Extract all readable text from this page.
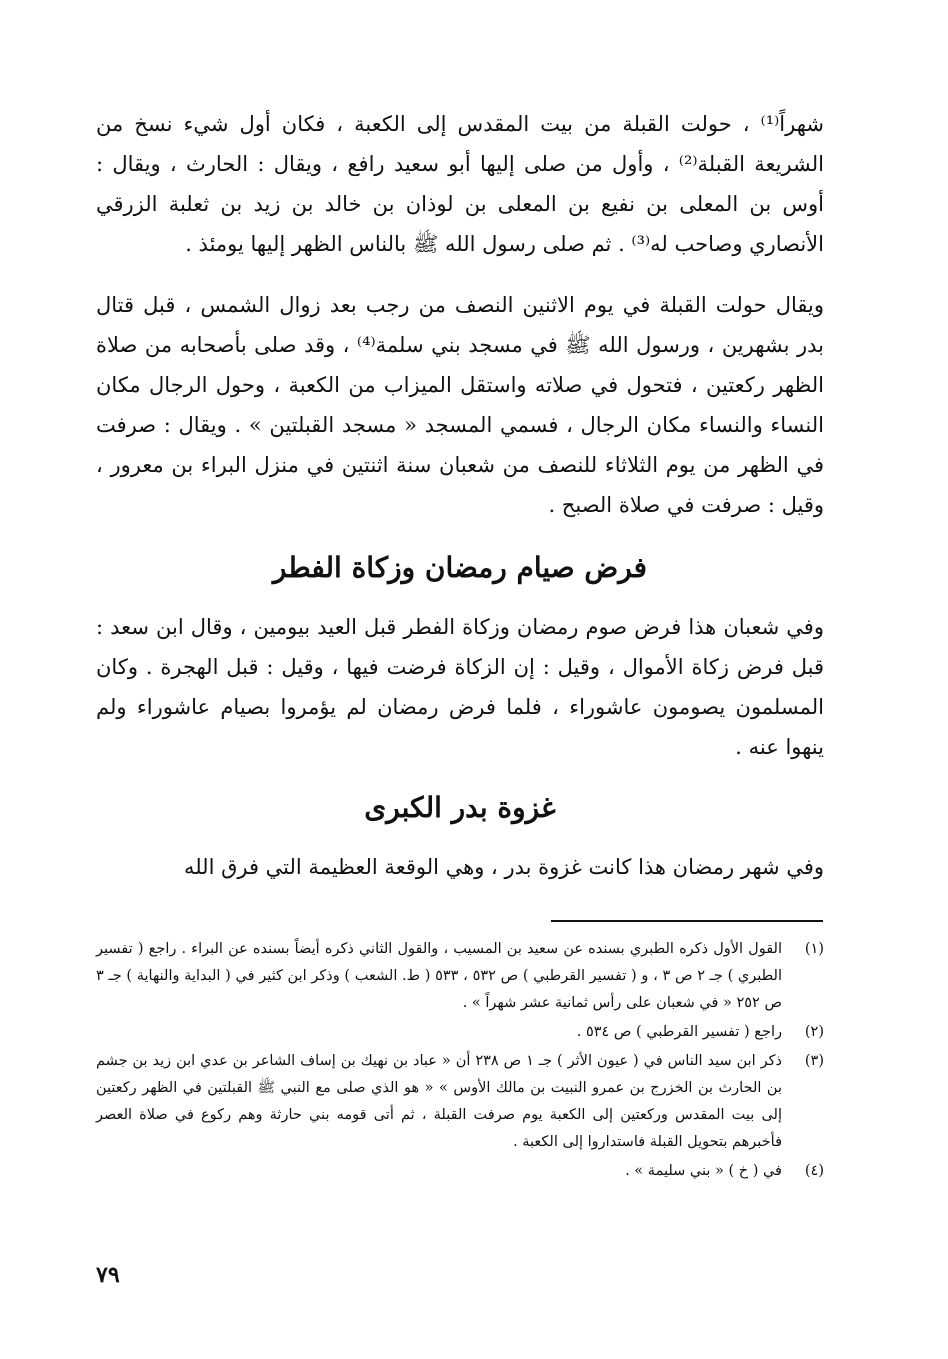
شهراً⁽¹⁾ ، حولت القبلة من بيت المقدس إلى الكعبة ، فكان أول شيء نسخ من الشريعة القبلة⁽²⁾ ، وأول من صلى إليها أبو سعيد رافع ، ويقال : الحارث ، ويقال : أوس بن المعلى بن نفيع بن المعلى بن لوذان بن خالد بن زيد بن ثعلبة الزرقي الأنصاري وصاحب له⁽³⁾ . ثم صلى رسول الله ﷺ بالناس الظهر إليها يومئذ .

ويقال حولت القبلة في يوم الاثنين النصف من رجب بعد زوال الشمس ، قبل قتال بدر بشهرين ، ورسول الله ﷺ في مسجد بني سلمة⁽⁴⁾ ، وقد صلى بأصحابه من صلاة الظهر ركعتين ، فتحول في صلاته واستقل الميزاب من الكعبة ، وحول الرجال مكان النساء والنساء مكان الرجال ، فسمي المسجد « مسجد القبلتين » . ويقال : صرفت في الظهر من يوم الثلاثاء للنصف من شعبان سنة اثنتين في منزل البراء بن معرور ، وقيل : صرفت في صلاة الصبح .

فرض صيام رمضان وزكاة الفطر

وفي شعبان هذا فرض صوم رمضان وزكاة الفطر قبل العيد بيومين ، وقال ابن سعد : قبل فرض زكاة الأموال ، وقيل : إن الزكاة فرضت فيها ، وقيل : قبل الهجرة . وكان المسلمون يصومون عاشوراء ، فلما فرض رمضان لم يؤمروا بصيام عاشوراء ولم ينهوا عنه .

غزوة بدر الكبرى

وفي شهر رمضان هذا كانت غزوة بدر ، وهي الوقعة العظيمة التي فرق الله

(١)
القول الأول ذكره الطبري بسنده عن سعيد بن المسيب ، والقول الثاني ذكره أيضاً بسنده عن البراء . راجع ( تفسير الطبري ) جـ ٢ ص ٣ ، و ( تفسير القرطبي ) ص ٥٣٢ ، ٥٣٣ ( ط. الشعب ) وذكر ابن كثير في ( البداية والنهاية ) جـ ٣ ص ٢٥٢ « في شعبان على رأس ثمانية عشر شهراً » .
(٢)
راجع ( تفسير القرطبي ) ص ٥٣٤ .
(٣)
ذكر ابن سيد الناس في ( عيون الأثر ) جـ ١ ص ٢٣٨ أن « عباد بن نهيك بن إساف الشاعر بن عدي ابن زيد بن جشم بن الحارث بن الخزرج بن عمرو النبيت بن مالك الأوس » « هو الذي صلى مع النبي ﷺ القبلتين في الظهر ركعتين إلى بيت المقدس وركعتين إلى الكعبة يوم صرفت القبلة ، ثم أتى قومه بني حارثة وهم ركوع في صلاة العصر فأخبرهم بتحويل القبلة فاستداروا إلى الكعبة .
(٤)
في ( خ ) « بني سليمة » .

٧٩
